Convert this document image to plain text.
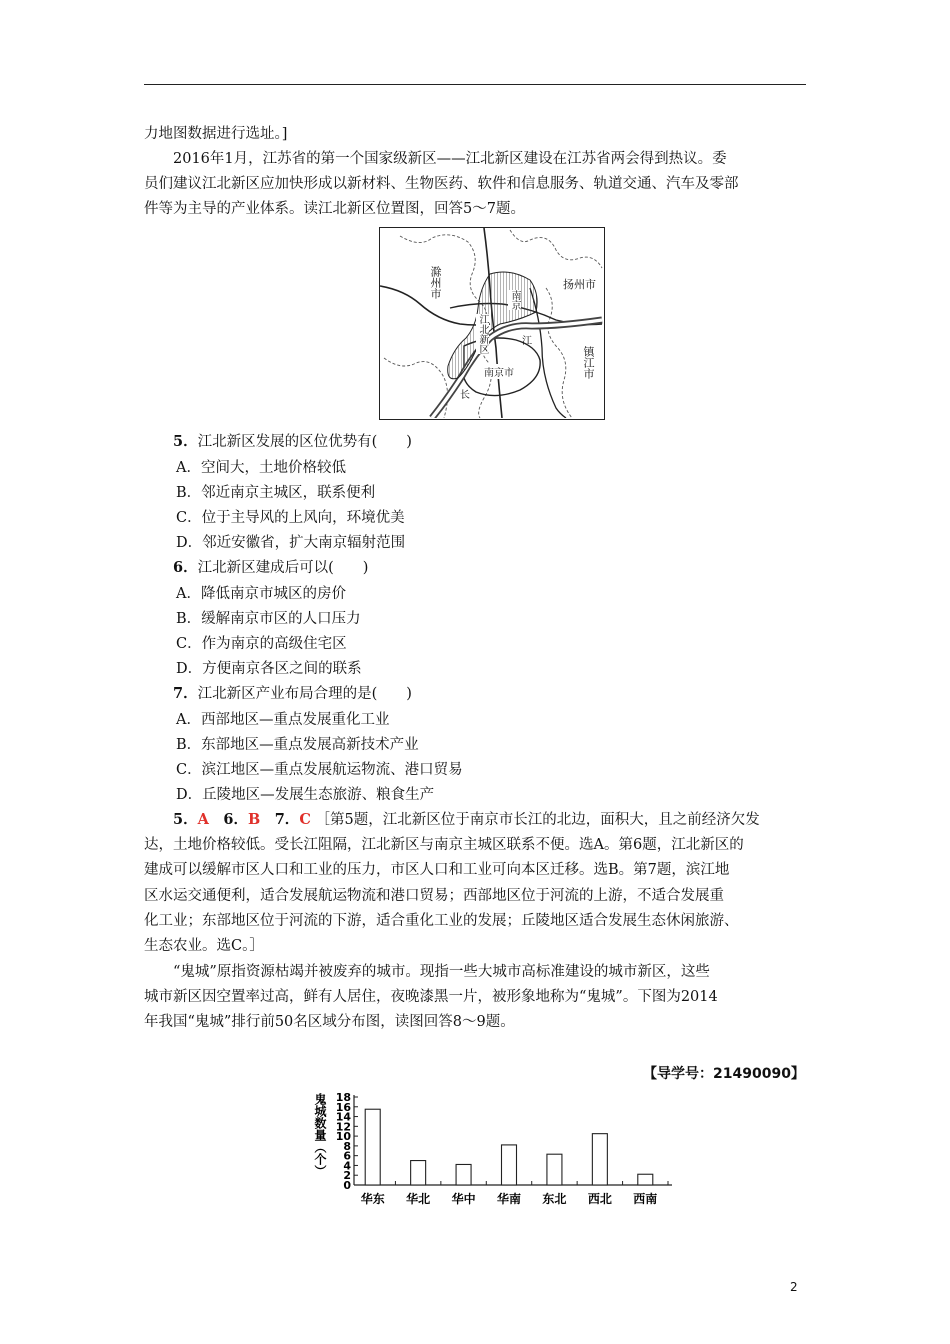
力地图数据进行选址。]
2016年1月，江苏省的第一个国家级新区——江北新区建设在江苏省两会得到热议。委
员们建议江北新区应加快形成以新材料、生物医药、软件和信息服务、轨道交通、汽车及零部
件等为主导的产业体系。读江北新区位置图，回答5～7题。
滁州市
扬州市
镇江市
南京市
江北新区
南京
长
江
5．江北新区发展的区位优势有(　　)
A．空间大，土地价格较低
B．邻近南京主城区，联系便利
C．位于主导风的上风向，环境优美
D．邻近安徽省，扩大南京辐射范围
6．江北新区建成后可以(　　)
A．降低南京市城区的房价
B．缓解南京市区的人口压力
C．作为南京的高级住宅区
D．方便南京各区之间的联系
7．江北新区产业布局合理的是(　　)
A．西部地区—重点发展重化工业
B．东部地区—重点发展高新技术产业
C．滨江地区—重点发展航运物流、港口贸易
D．丘陵地区—发展生态旅游、粮食生产
5．A　 6．B　 7．C ［第5题，江北新区位于南京市长江的北边，面积大，且之前经济欠发
达，土地价格较低。受长江阻隔，江北新区与南京主城区联系不便。选A。第6题，江北新区的
建成可以缓解市区人口和工业的压力，市区人口和工业可向本区迁移。选B。第7题，滨江地
区水运交通便利，适合发展航运物流和港口贸易；西部地区位于河流的上游，不适合发展重
化工业；东部地区位于河流的下游，适合重化工业的发展；丘陵地区适合发展生态休闲旅游、
生态农业。选C。］
“鬼城”原指资源枯竭并被废弃的城市。现指一些大城市高标准建设的城市新区，这些
城市新区因空置率过高，鲜有人居住，夜晚漆黑一片，被形象地称为“鬼城”。下图为2014
年我国“鬼城”排行前50名区域分布图，读图回答8～9题。
【导学号：21490090】
鬼城数量（个）
0
2
4
6
8
10
12
14
16
18
华东 华北 华中 华南 东北 西北 西南
2
